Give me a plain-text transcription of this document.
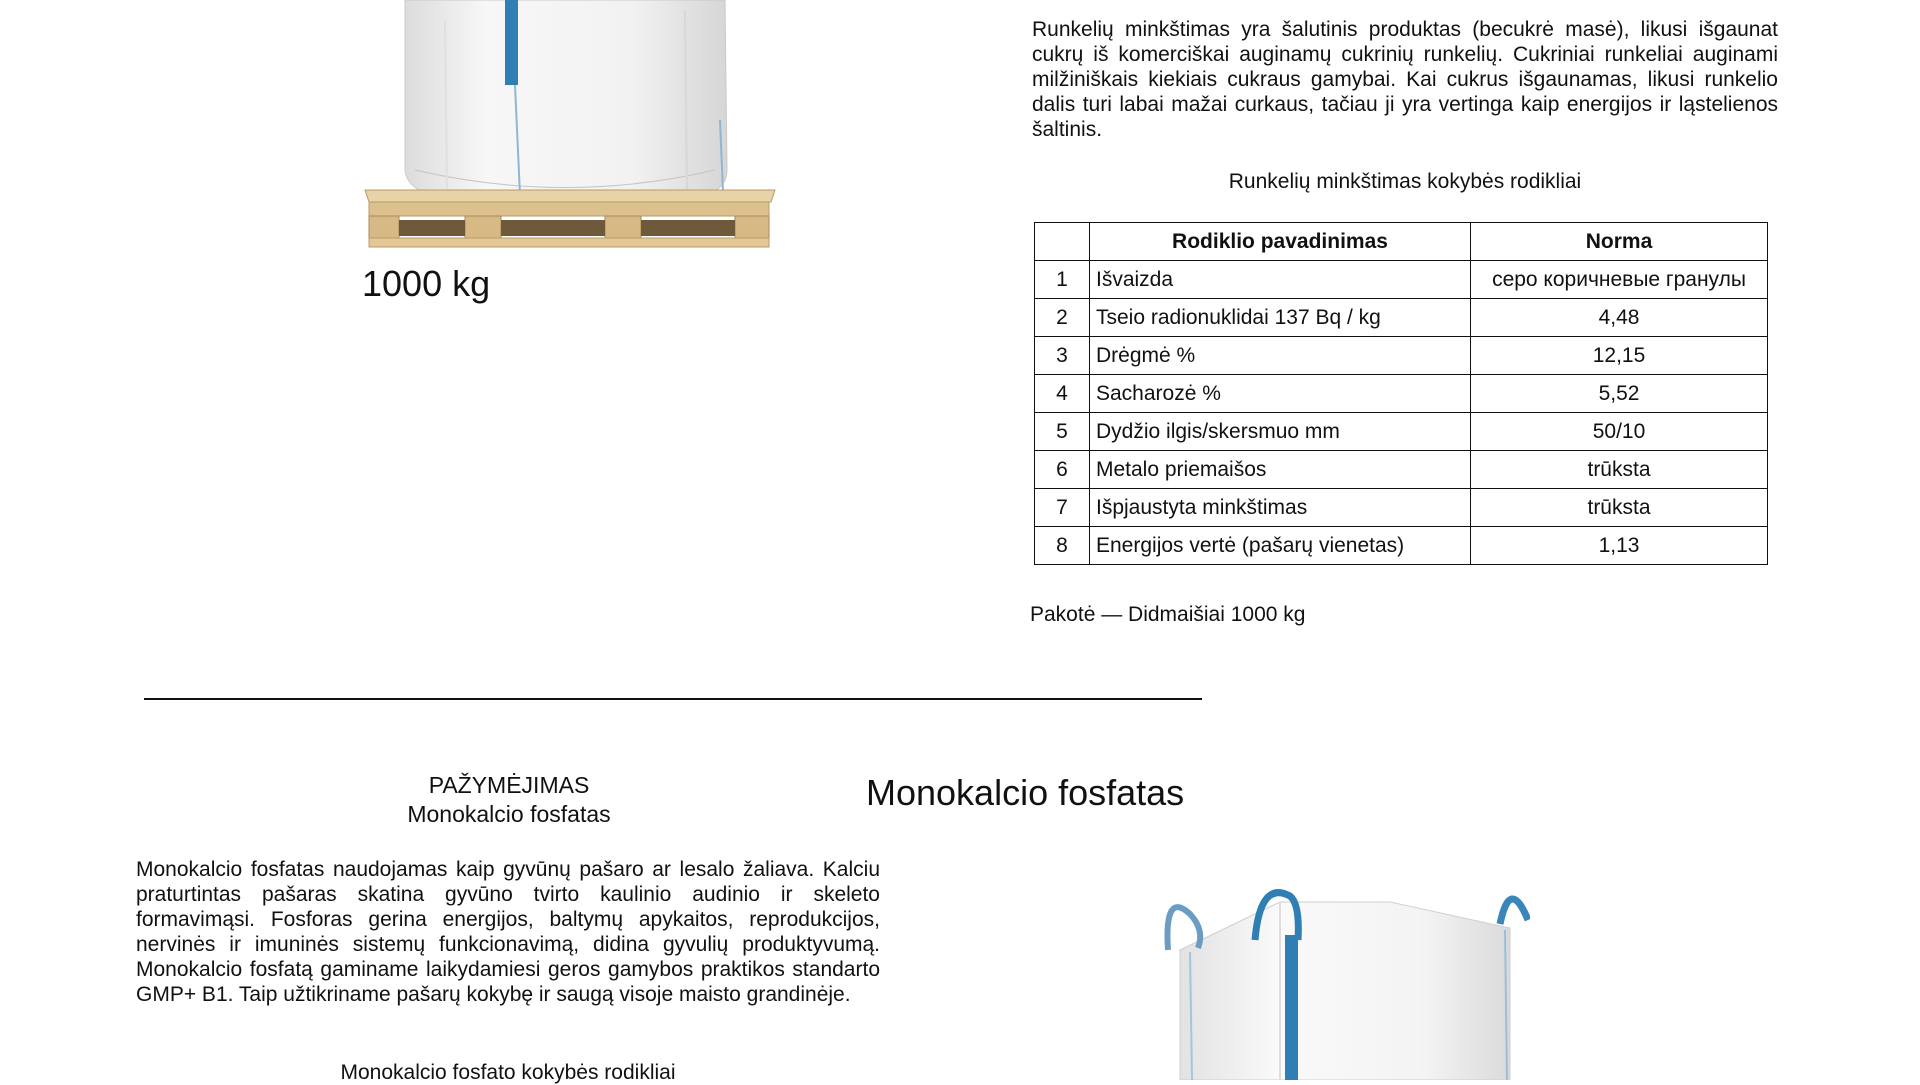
1000 kg
Runkelių minkštimas yra šalutinis produktas (becukrė masė), likusi išgaunat cukrų iš komerciškai auginamų cukrinių runkelių. Cukriniai runkeliai auginami milžiniškais kiekiais cukraus gamybai. Kai cukrus išgaunamas, likusi runkelio dalis turi labai mažai curkaus, tačiau ji yra vertinga kaip energijos ir ląstelienos šaltinis.
Runkelių minkštimas kokybės rodikliai
	Rodiklio pavadinimas	Norma
1	Išvaizda	серо коричневые гранулы
2	Tseio radionuklidai 137 Bq / kg	4,48
3	Drėgmė %	12,15
4	Sacharozė %	5,52
5	Dydžio ilgis/skersmuo mm	50/10
6	Metalo priemaišos	trūksta
7	Išpjaustyta minkštimas	trūksta
8	Energijos vertė (pašarų vienetas)	1,13
Pakotė — Didmaišiai 1000 kg
PAŽYMĖJIMAS
Monokalcio fosfatas
Monokalcio fosfatas
Monokalcio fosfatas naudojamas kaip gyvūnų pašaro ar lesalo žaliava. Kalciu praturtintas pašaras skatina gyvūno tvirto kaulinio audinio ir skeleto formavimąsi. Fosforas gerina energijos, baltymų apykaitos, reprodukcijos, nervinės ir imuninės sistemų funkcionavimą, didina gyvulių produktyvumą. Monokalcio fosfatą gaminame laikydamiesi geros gamybos praktikos standarto GMP+ B1. Taip užtikriname pašarų kokybę ir saugą visoje maisto grandinėje.
Monokalcio fosfato kokybės rodikliai
